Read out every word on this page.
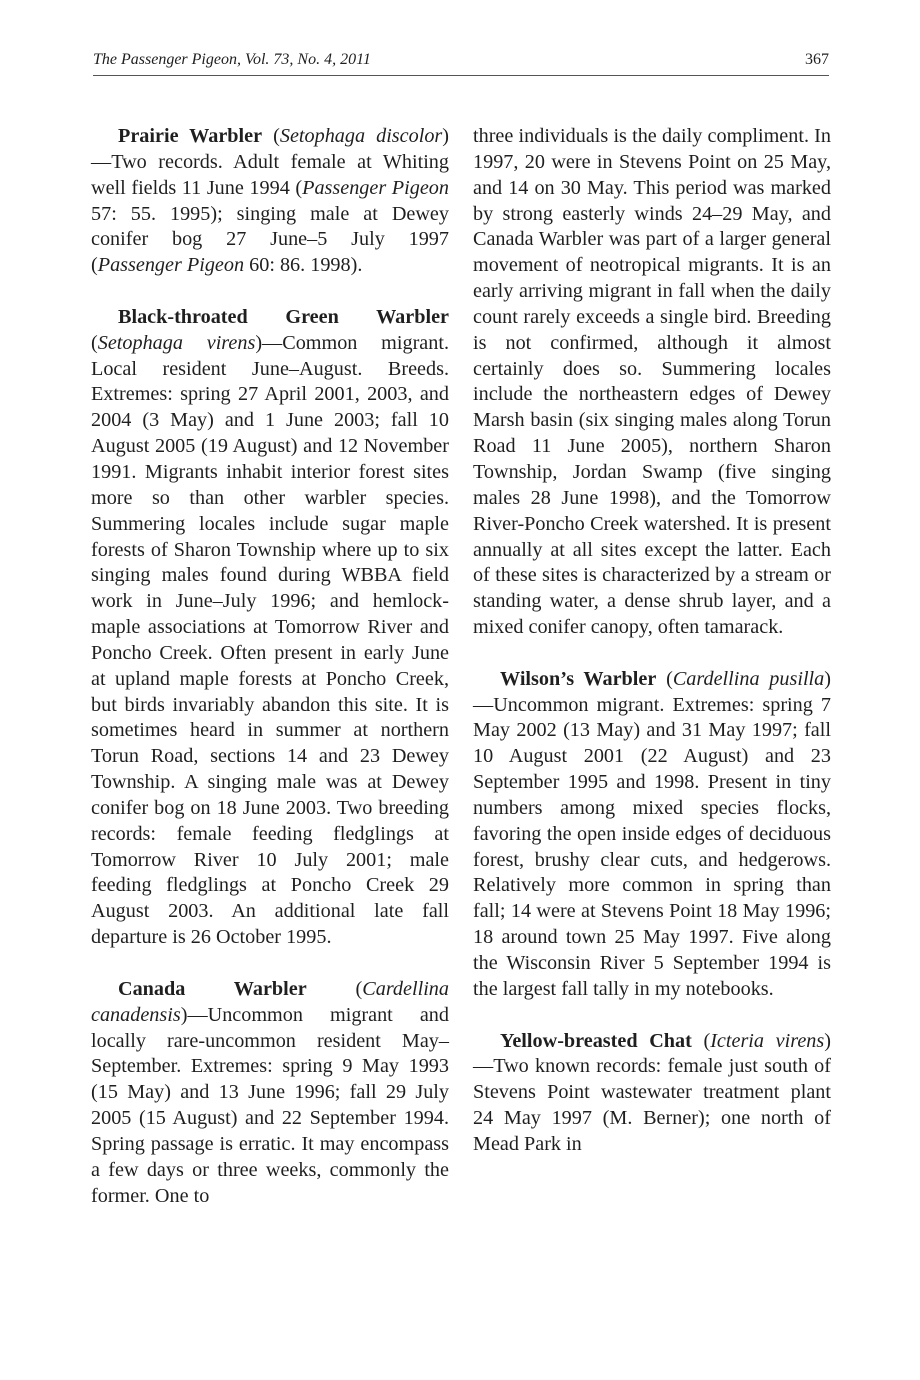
The Passenger Pigeon, Vol. 73, No. 4, 2011	367

Prairie Warbler (Setophaga discolor)—Two records. Adult female at Whiting well fields 11 June 1994 (Passenger Pigeon 57: 55. 1995); singing male at Dewey conifer bog 27 June–5 July 1997 (Passenger Pigeon 60: 86. 1998).

Black-throated Green Warbler (Setophaga virens)—Common migrant. Local resident June–August. Breeds. Extremes: spring 27 April 2001, 2003, and 2004 (3 May) and 1 June 2003; fall 10 August 2005 (19 August) and 12 November 1991. Migrants inhabit interior forest sites more so than other warbler species. Summering locales include sugar maple forests of Sharon Township where up to six singing males found during WBBA field work in June–July 1996; and hemlock-maple associations at Tomorrow River and Poncho Creek. Often present in early June at upland maple forests at Poncho Creek, but birds invariably abandon this site. It is sometimes heard in summer at northern Torun Road, sections 14 and 23 Dewey Township. A singing male was at Dewey conifer bog on 18 June 2003. Two breeding records: female feeding fledglings at Tomorrow River 10 July 2001; male feeding fledglings at Poncho Creek 29 August 2003. An additional late fall departure is 26 October 1995.

Canada Warbler (Cardellina canadensis)—Uncommon migrant and locally rare-uncommon resident May–September. Extremes: spring 9 May 1993 (15 May) and 13 June 1996; fall 29 July 2005 (15 August) and 22 September 1994. Spring passage is erratic. It may encompass a few days or three weeks, commonly the former. One to

three individuals is the daily compliment. In 1997, 20 were in Stevens Point on 25 May, and 14 on 30 May. This period was marked by strong easterly winds 24–29 May, and Canada Warbler was part of a larger general movement of neotropical migrants. It is an early arriving migrant in fall when the daily count rarely exceeds a single bird. Breeding is not confirmed, although it almost certainly does so. Summering locales include the northeastern edges of Dewey Marsh basin (six singing males along Torun Road 11 June 2005), northern Sharon Township, Jordan Swamp (five singing males 28 June 1998), and the Tomorrow River-Poncho Creek watershed. It is present annually at all sites except the latter. Each of these sites is characterized by a stream or standing water, a dense shrub layer, and a mixed conifer canopy, often tamarack.

Wilson’s Warbler (Cardellina pusilla)—Uncommon migrant. Extremes: spring 7 May 2002 (13 May) and 31 May 1997; fall 10 August 2001 (22 August) and 23 September 1995 and 1998. Present in tiny numbers among mixed species flocks, favoring the open inside edges of deciduous forest, brushy clear cuts, and hedgerows. Relatively more common in spring than fall; 14 were at Stevens Point 18 May 1996; 18 around town 25 May 1997. Five along the Wisconsin River 5 September 1994 is the largest fall tally in my notebooks.

Yellow-breasted Chat (Icteria virens)—Two known records: female just south of Stevens Point wastewater treatment plant 24 May 1997 (M. Berner); one north of Mead Park in
